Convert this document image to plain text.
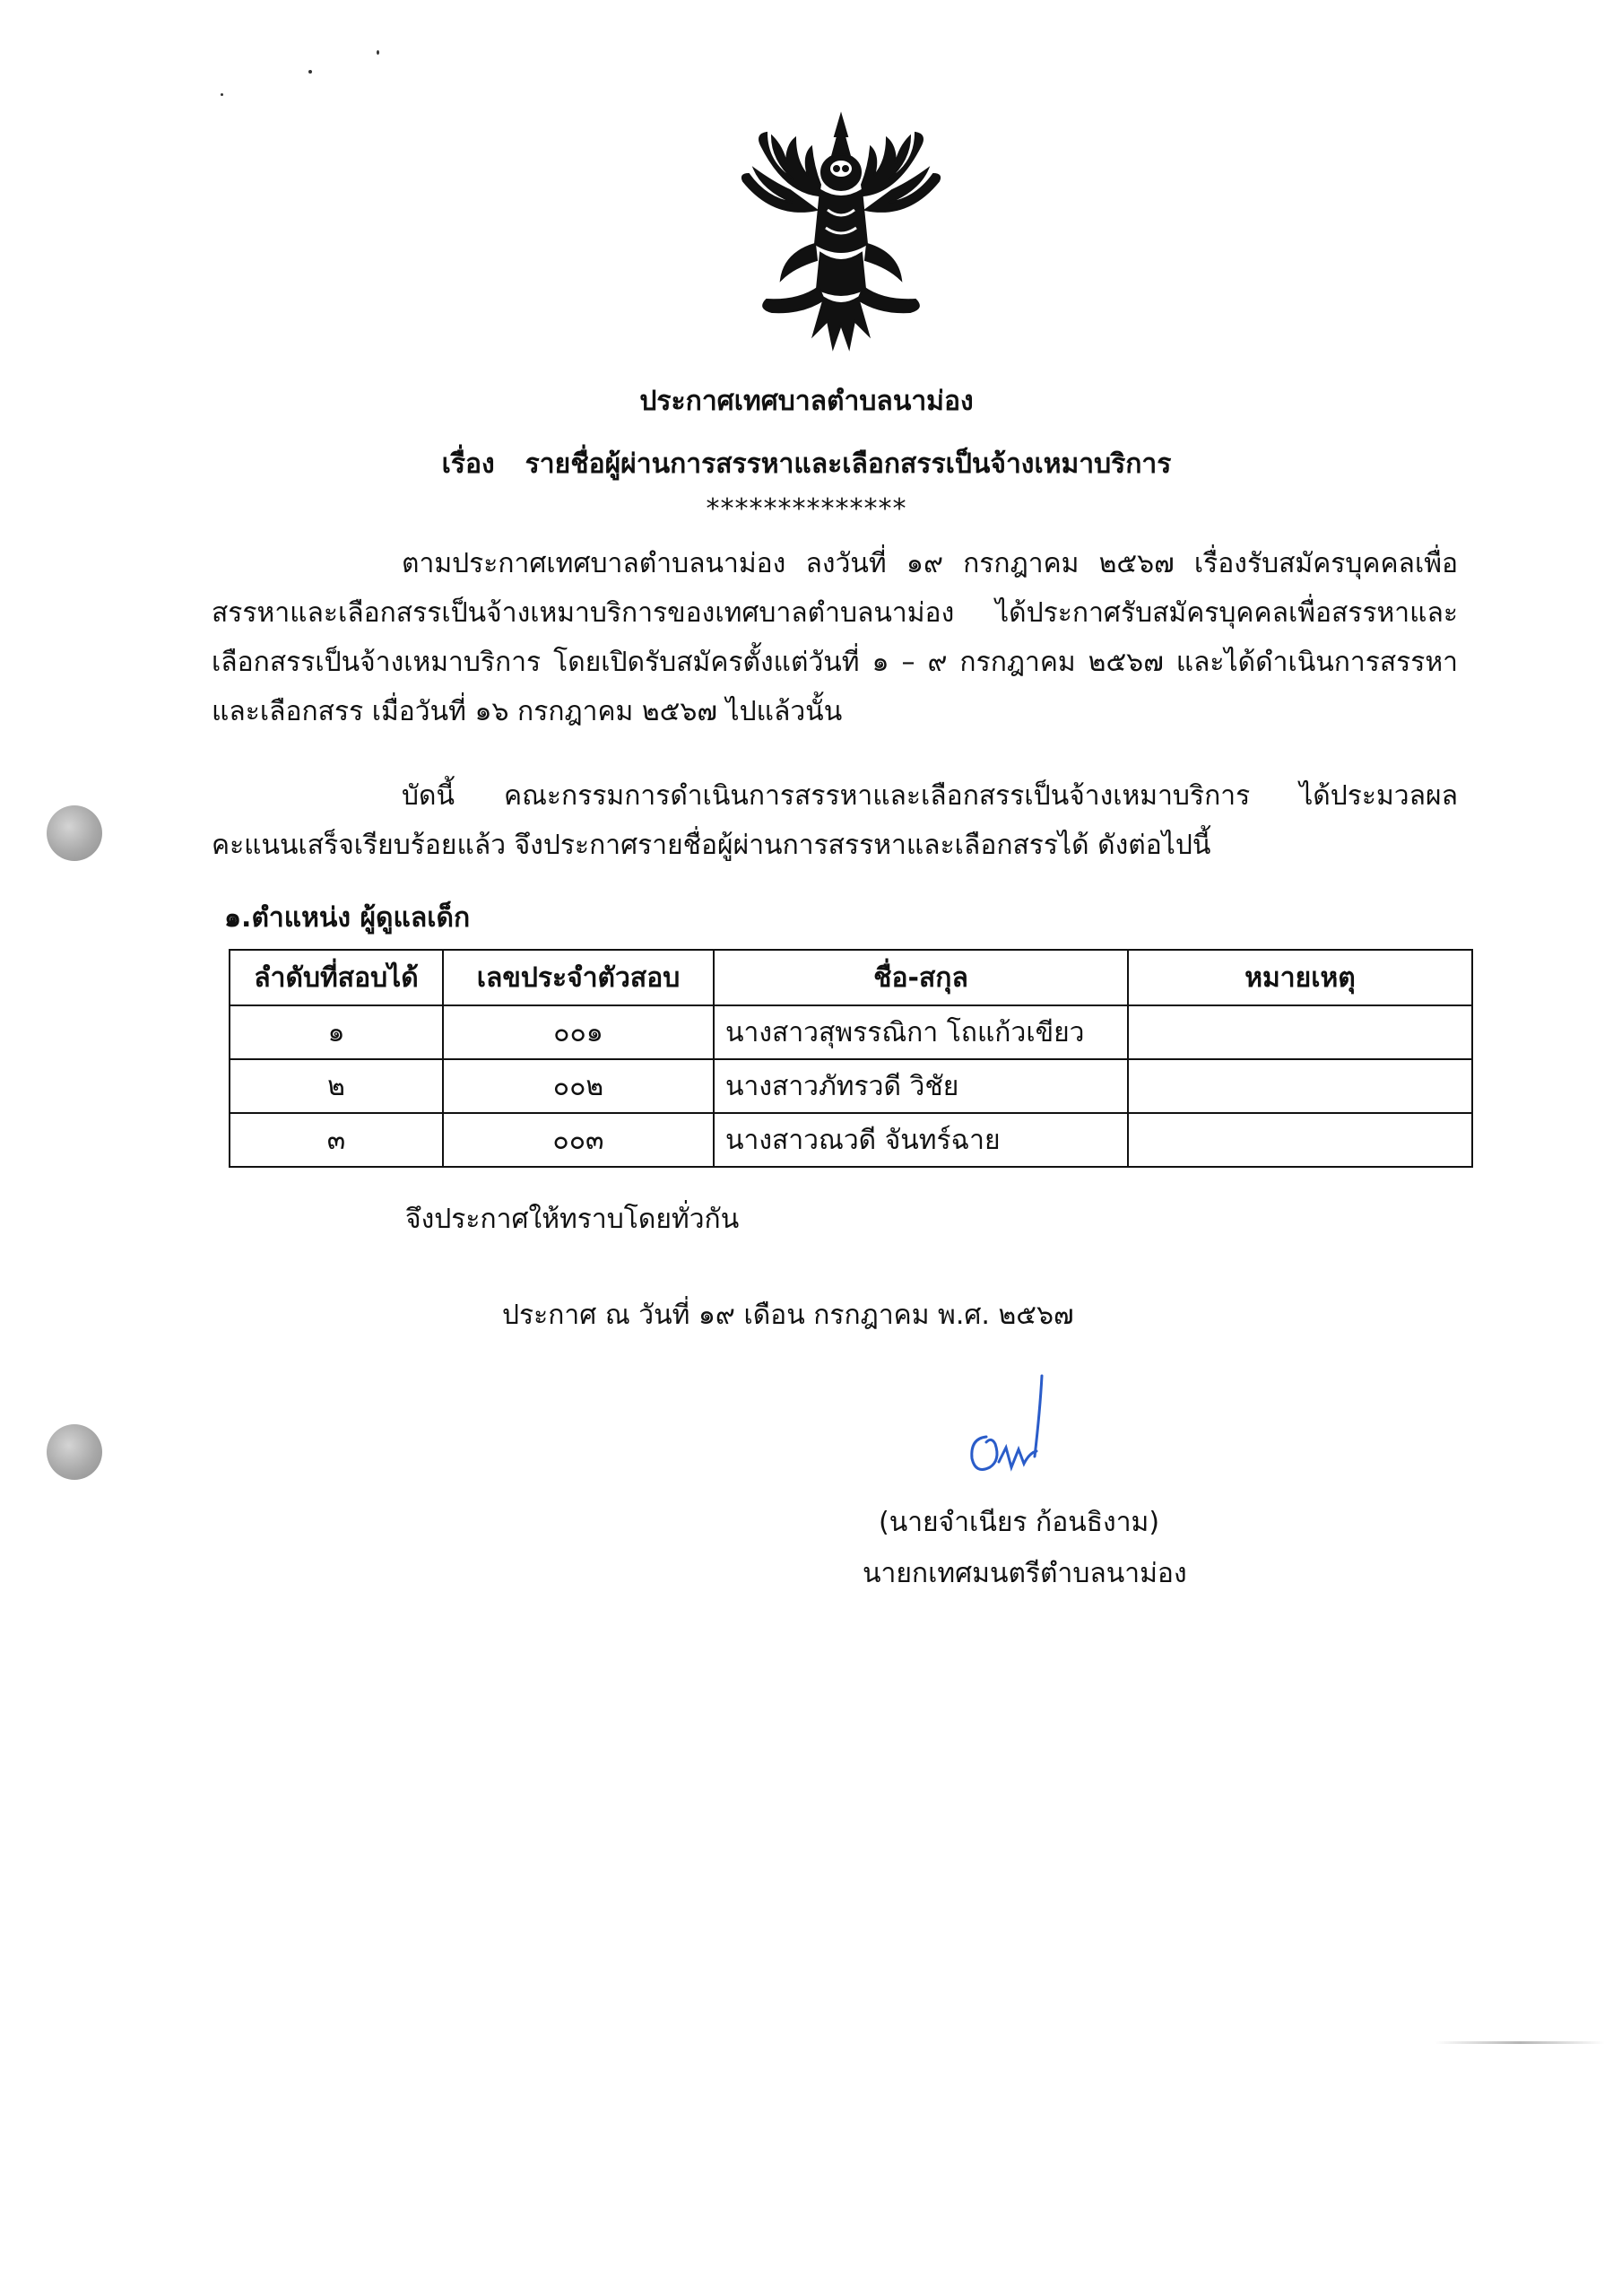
ประกาศเทศบาลตำบลนาม่อง
เรื่อง รายชื่อผู้ผ่านการสรรหาและเลือกสรรเป็นจ้างเหมาบริการ
**************

ตามประกาศเทศบาลตำบลนาม่อง ลงวันที่ ๑๙ กรกฎาคม ๒๕๖๗ เรื่องรับสมัครบุคคลเพื่อสรรหาและเลือกสรรเป็นจ้างเหมาบริการของเทศบาลตำบลนาม่อง ได้ประกาศรับสมัครบุคคลเพื่อสรรหาและเลือกสรรเป็นจ้างเหมาบริการ โดยเปิดรับสมัครตั้งแต่วันที่ ๑ – ๙ กรกฎาคม ๒๕๖๗ และได้ดำเนินการสรรหาและเลือกสรร เมื่อวันที่ ๑๖ กรกฎาคม ๒๕๖๗ ไปแล้วนั้น

บัดนี้ คณะกรรมการดำเนินการสรรหาและเลือกสรรเป็นจ้างเหมาบริการ ได้ประมวลผลคะแนนเสร็จเรียบร้อยแล้ว จึงประกาศรายชื่อผู้ผ่านการสรรหาและเลือกสรรได้ ดังต่อไปนี้

๑.ตำแหน่ง ผู้ดูแลเด็ก
ลำดับที่สอบได้	เลขประจำตัวสอบ	ชื่อ-สกุล	หมายเหตุ
๑	๐๐๑	นางสาวสุพรรณิกา โถแก้วเขียว	
๒	๐๐๒	นางสาวภัทรวดี วิชัย	
๓	๐๐๓	นางสาวณวดี จันทร์ฉาย	
จึงประกาศให้ทราบโดยทั่วกัน
ประกาศ ณ วันที่ ๑๙ เดือน กรกฎาคม พ.ศ. ๒๕๖๗
(นายจำเนียร ก้อนธิงาม)
นายกเทศมนตรีตำบลนาม่อง
